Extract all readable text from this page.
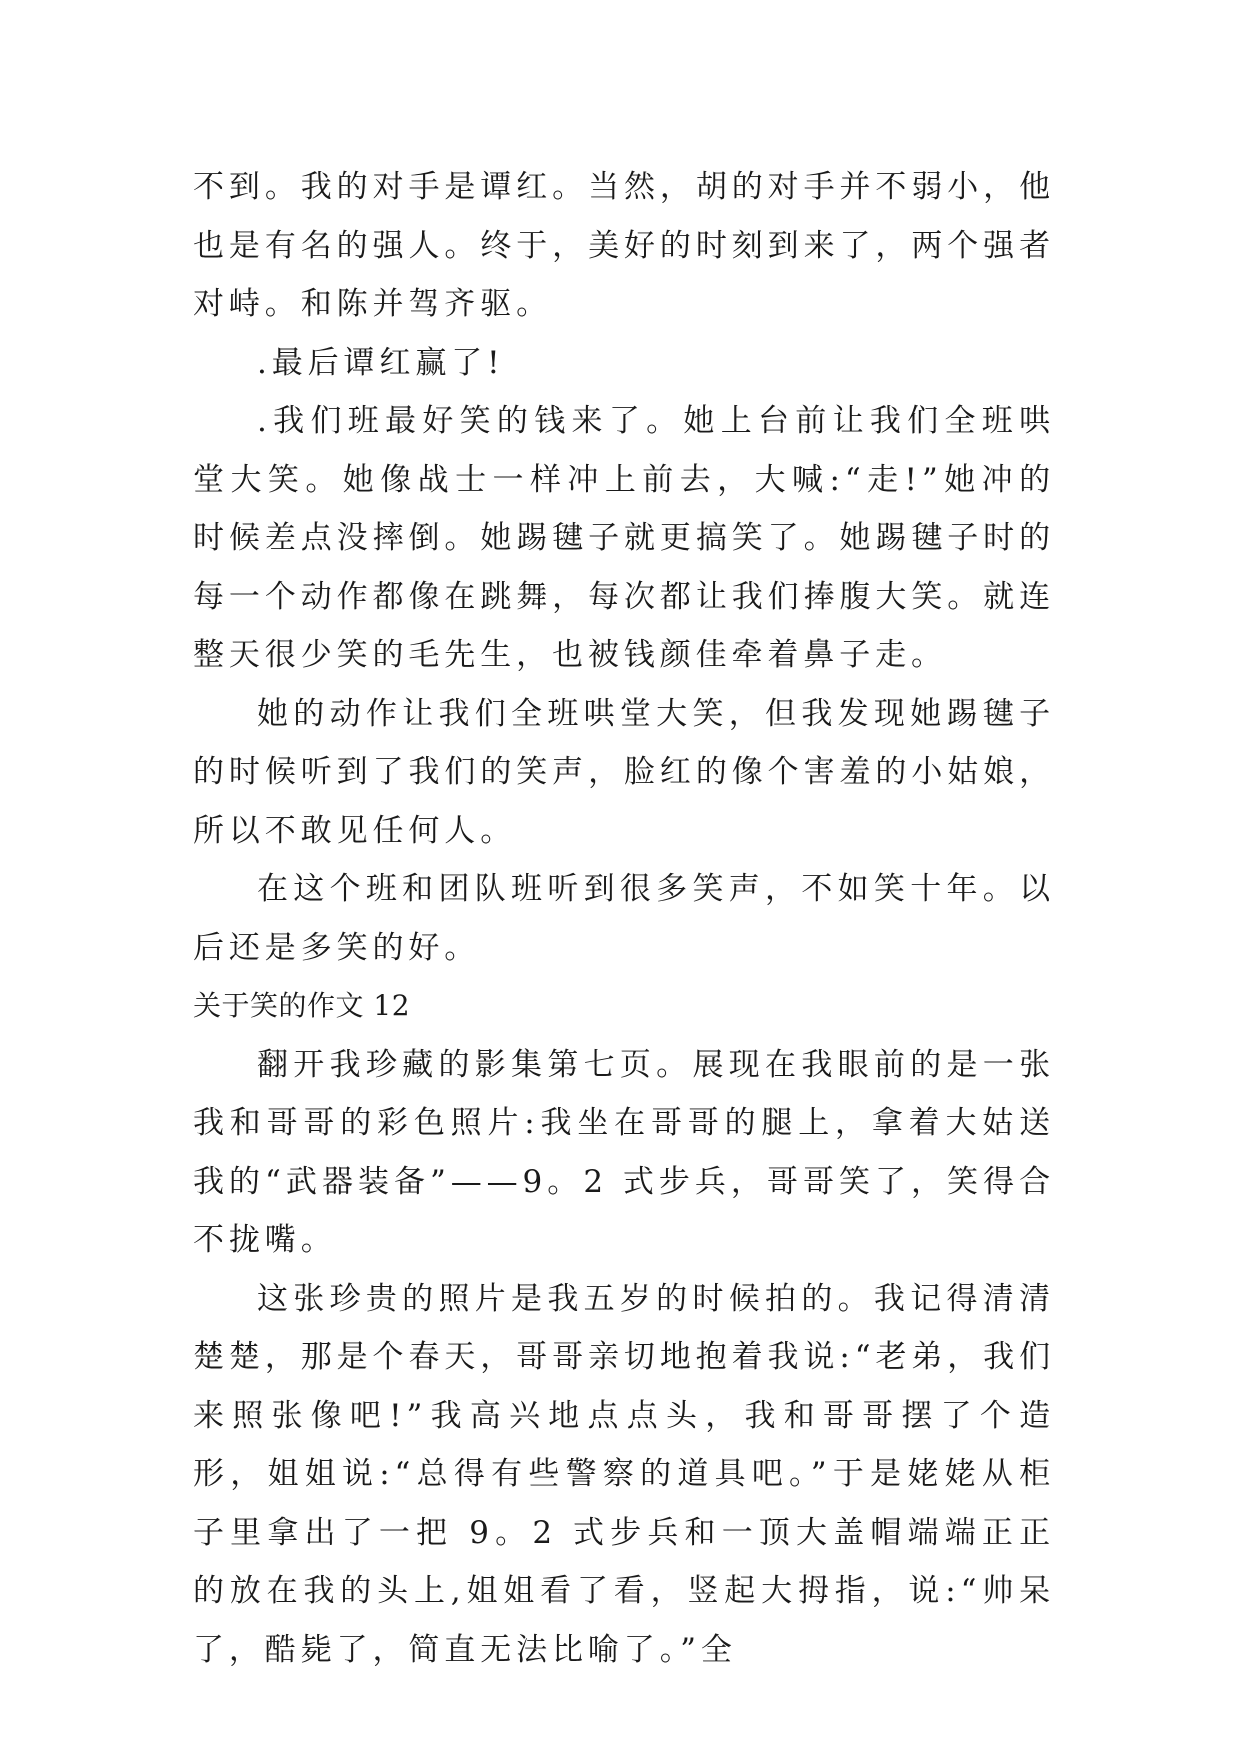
不到。我的对手是谭红。当然，胡的对手并不弱小，他也是有名的强人。终于，美好的时刻到来了，两个强者对峙。和陈并驾齐驱。

.最后谭红赢了!

.我们班最好笑的钱来了。她上台前让我们全班哄堂大笑。她像战士一样冲上前去，大喊:“走!”她冲的时候差点没摔倒。她踢毽子就更搞笑了。她踢毽子时的每一个动作都像在跳舞，每次都让我们捧腹大笑。就连整天很少笑的毛先生，也被钱颜佳牵着鼻子走。

她的动作让我们全班哄堂大笑，但我发现她踢毽子的时候听到了我们的笑声，脸红的像个害羞的小姑娘，所以不敢见任何人。

在这个班和团队班听到很多笑声，不如笑十年。以后还是多笑的好。

关于笑的作文 12

翻开我珍藏的影集第七页。展现在我眼前的是一张我和哥哥的彩色照片:我坐在哥哥的腿上，拿着大姑送我的“武器装备”——9。2 式步兵，哥哥笑了，笑得合不拢嘴。

这张珍贵的照片是我五岁的时候拍的。我记得清清楚楚，那是个春天，哥哥亲切地抱着我说:“老弟，我们来照张像吧!”我高兴地点点头，我和哥哥摆了个造形，姐姐说:“总得有些警察的道具吧。”于是姥姥从柜子里拿出了一把 9。2 式步兵和一顶大盖帽端端正正的放在我的头上,姐姐看了看，竖起大拇指，说:“帅呆了，酷毙了，简直无法比喻了。”全
